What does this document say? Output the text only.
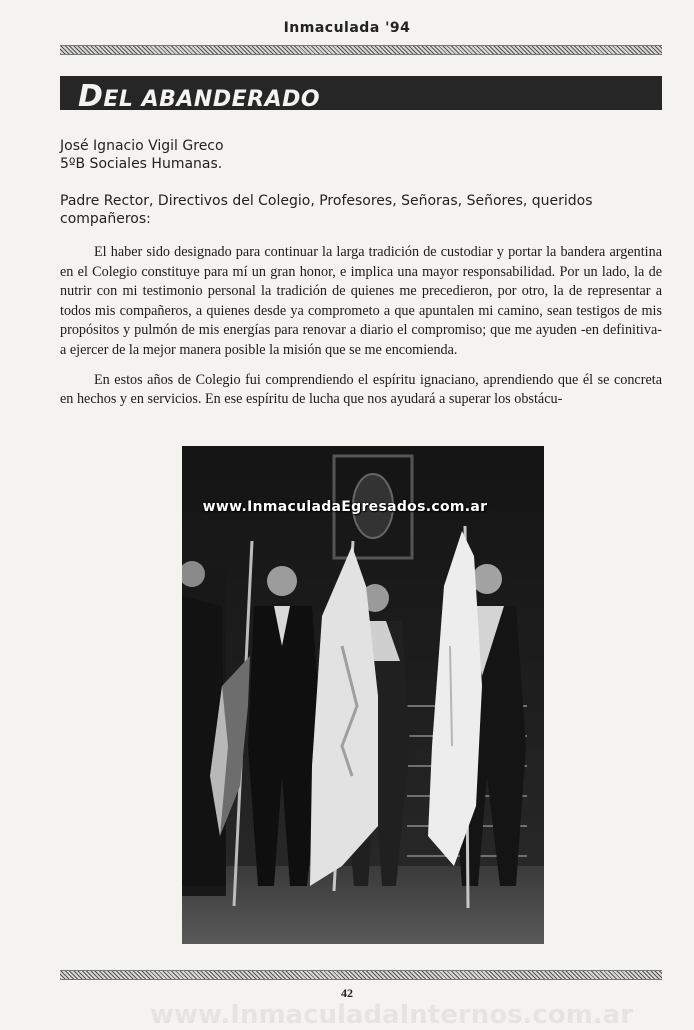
Inmaculada '94
DEL ABANDERADO
José Ignacio Vigil Greco
5ºB Sociales Humanas.
Padre Rector, Directivos del Colegio, Profesores, Señoras, Señores, queridos compañeros:

El haber sido designado para continuar la larga tradición de custodiar y portar la bandera argentina en el Colegio constituye para mí un gran honor, e implica una mayor responsabilidad. Por un lado, la de nutrir con mi testimonio personal la tradición de quienes me precedieron, por otro, la de representar a todos mis compañeros, a quienes desde ya comprometo a que apuntalen mi camino, sean testigos de mis propósitos y pulmón de mis energías para renovar a diario el compromiso; que me ayuden -en definitiva- a ejercer de la mejor manera posible la misión que se me encomienda.

En estos años de Colegio fui comprendiendo el espíritu ignaciano, aprendiendo que él se concreta en hechos y en servicios. En ese espíritu de lucha que nos ayudará a superar los obstácu-

www.InmaculadaEgresados.com.ar
42
www.InmaculadaInternos.com.ar
